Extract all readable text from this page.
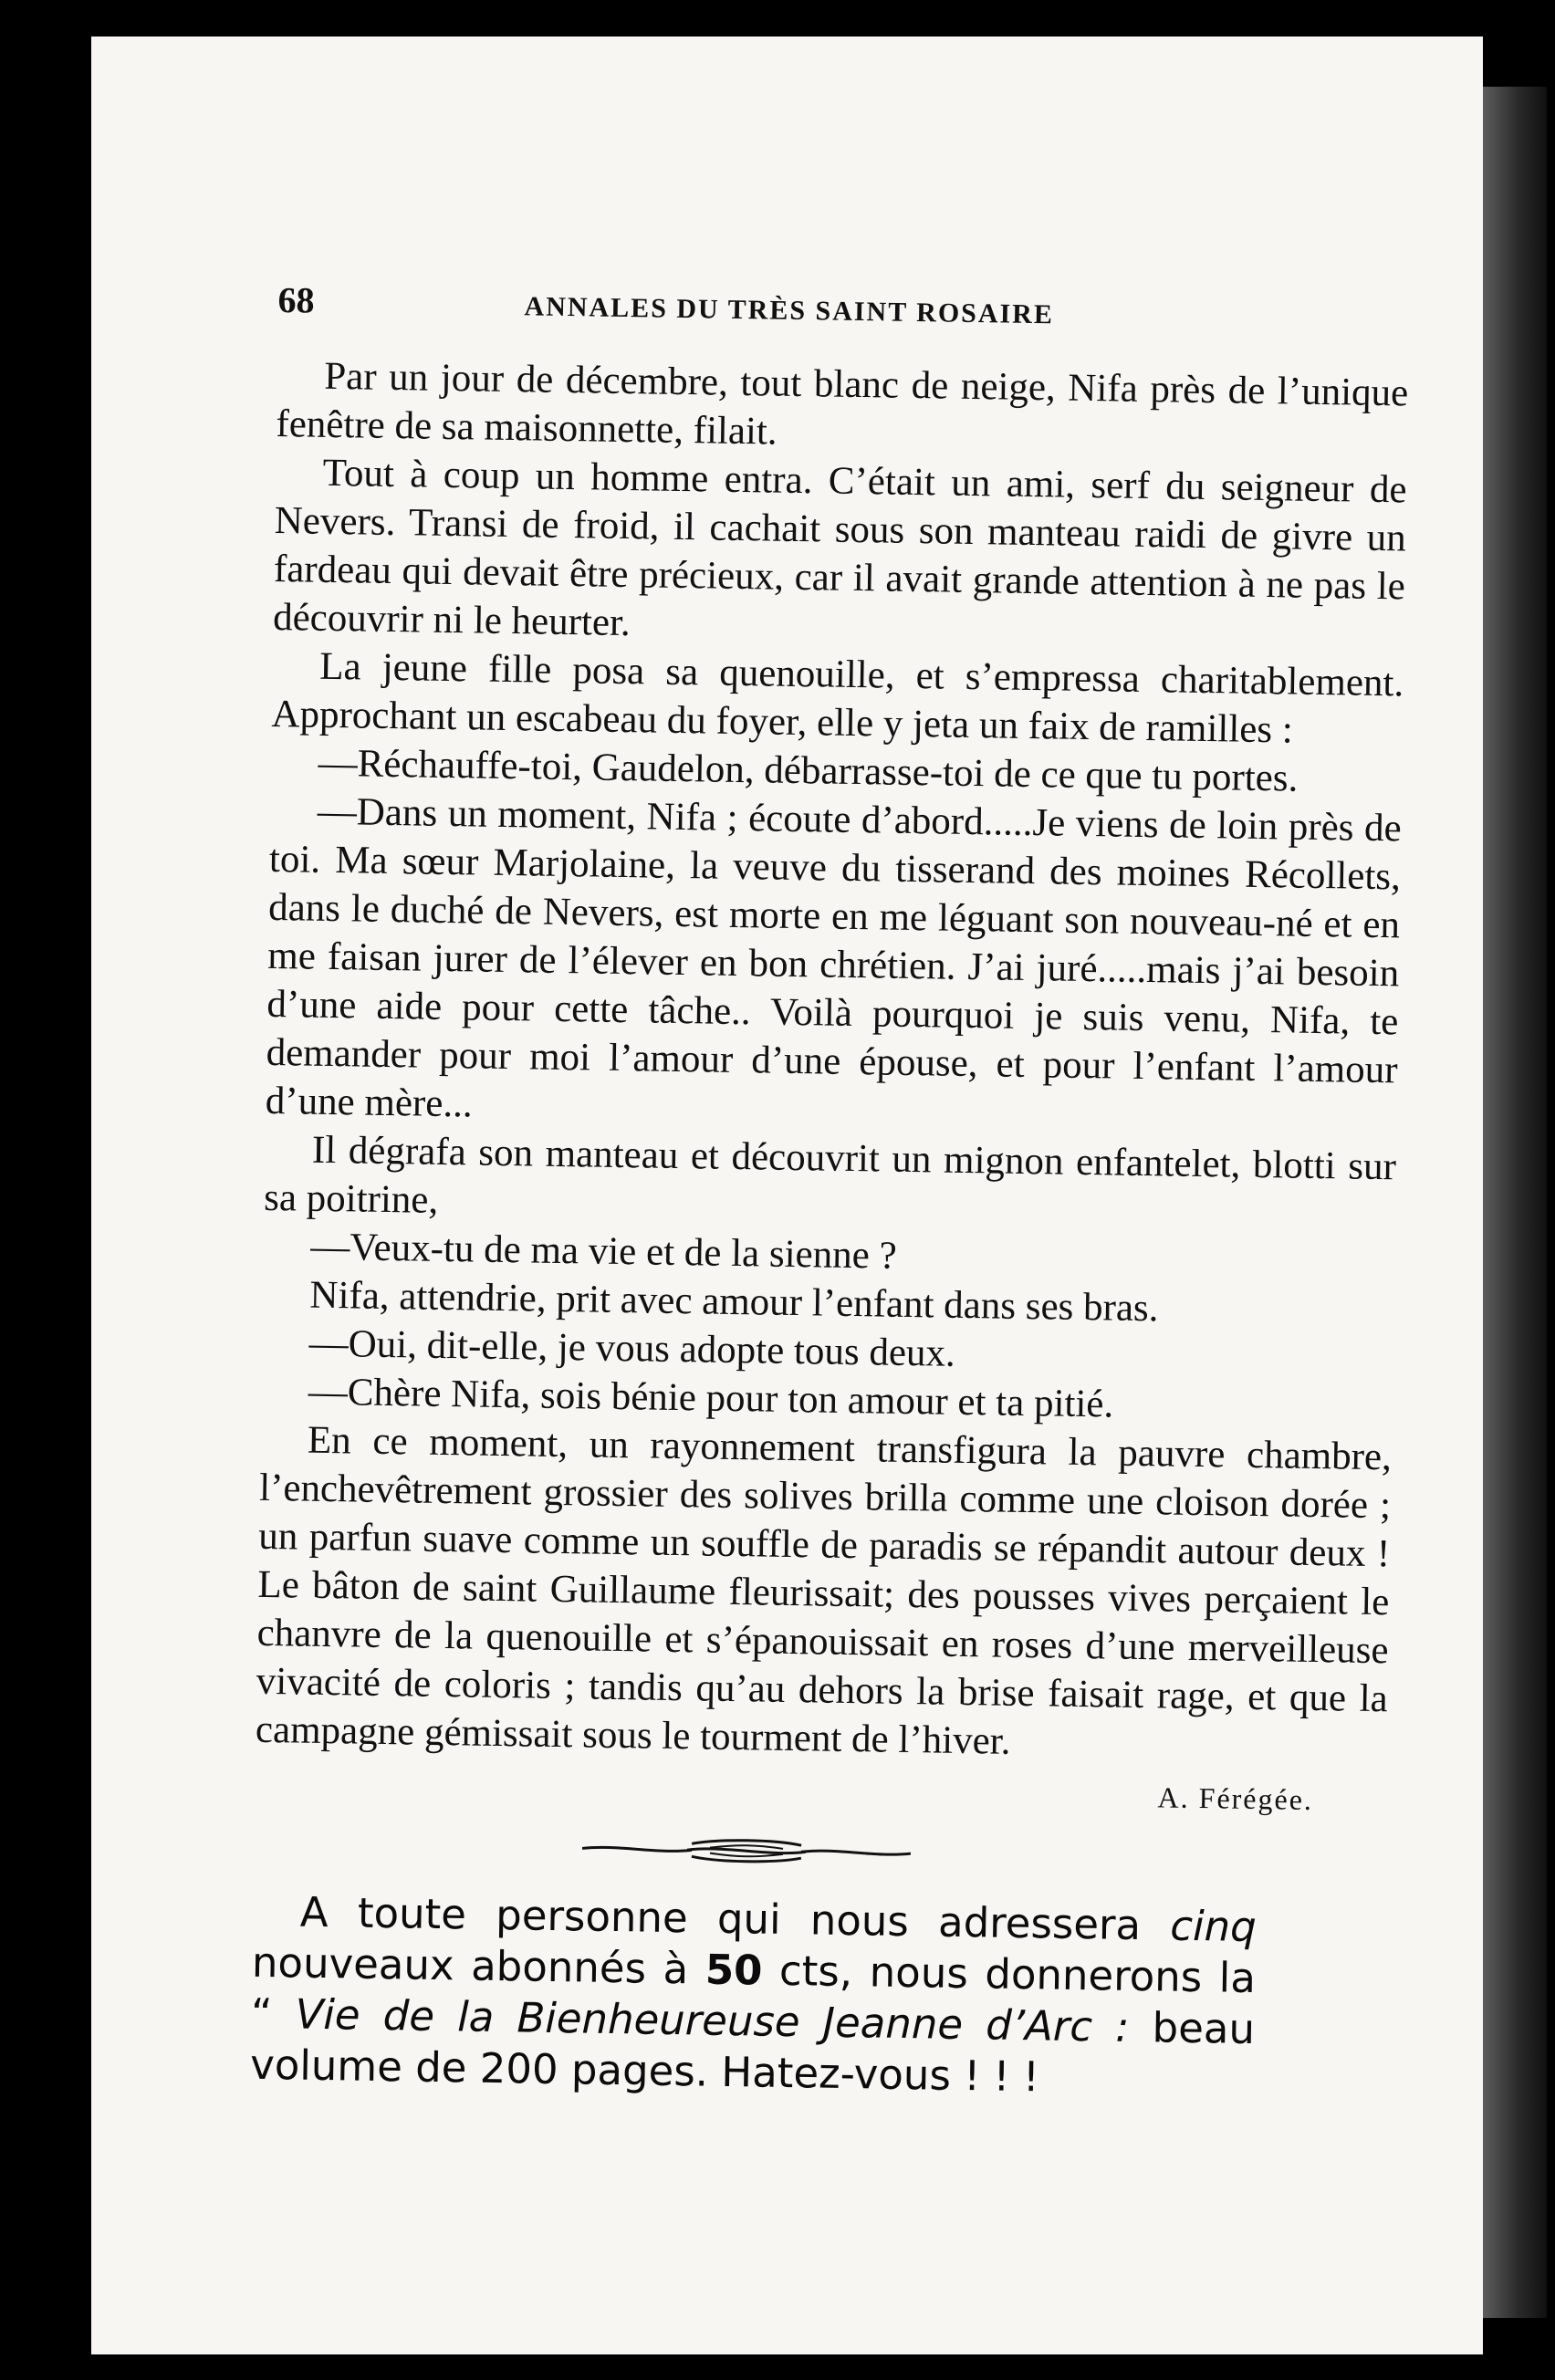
68	ANNALES DU TRÈS SAINT ROSAIRE

Par un jour de décembre, tout blanc de neige, Nifa près de l’unique fenêtre de sa maisonnette, filait.

Tout à coup un homme entra. C’était un ami, serf du seigneur de Nevers. Transi de froid, il cachait sous son manteau raidi de givre un fardeau qui devait être précieux, car il avait grande attention à ne pas le découvrir ni le heurter.

La jeune fille posa sa quenouille, et s’empressa charitablement. Approchant un escabeau du foyer, elle y jeta un faix de ramilles :

—Réchauffe-toi, Gaudelon, débarrasse-toi de ce que tu portes.

—Dans un moment, Nifa ; écoute d’abord.....Je viens de loin près de toi. Ma sœur Marjolaine, la veuve du tisserand des moines Récollets, dans le duché de Nevers, est morte en me léguant son nouveau-né et en me faisan jurer de l’élever en bon chrétien. J’ai juré.....mais j’ai besoin d’une aide pour cette tâche.. Voilà pourquoi je suis venu, Nifa, te demander pour moi l’amour d’une épouse, et pour l’enfant l’amour d’une mère...

Il dégrafa son manteau et découvrit un mignon enfantelet, blotti sur sa poitrine,

—Veux-tu de ma vie et de la sienne ?

Nifa, attendrie, prit avec amour l’enfant dans ses bras.

—Oui, dit-elle, je vous adopte tous deux.

—Chère Nifa, sois bénie pour ton amour et ta pitié.

En ce moment, un rayonnement transfigura la pauvre chambre, l’enchevêtrement grossier des solives brilla comme une cloison dorée ; un parfun suave comme un souffle de paradis se répandit autour deux ! Le bâton de saint Guillaume fleurissait; des pousses vives perçaient le chanvre de la quenouille et s’épanouissait en roses d’une merveilleuse vivacité de coloris ; tandis qu’au dehors la brise faisait rage, et que la campagne gémissait sous le tourment de l’hiver.

A. Férégée.
A toute personne qui nous adressera cinq nouveaux abonnés à 50 cts, nous donnerons la “ Vie de la Bienheureuse Jeanne d’Arc : beau volume de 200 pages. Hatez-vous ! ! !
